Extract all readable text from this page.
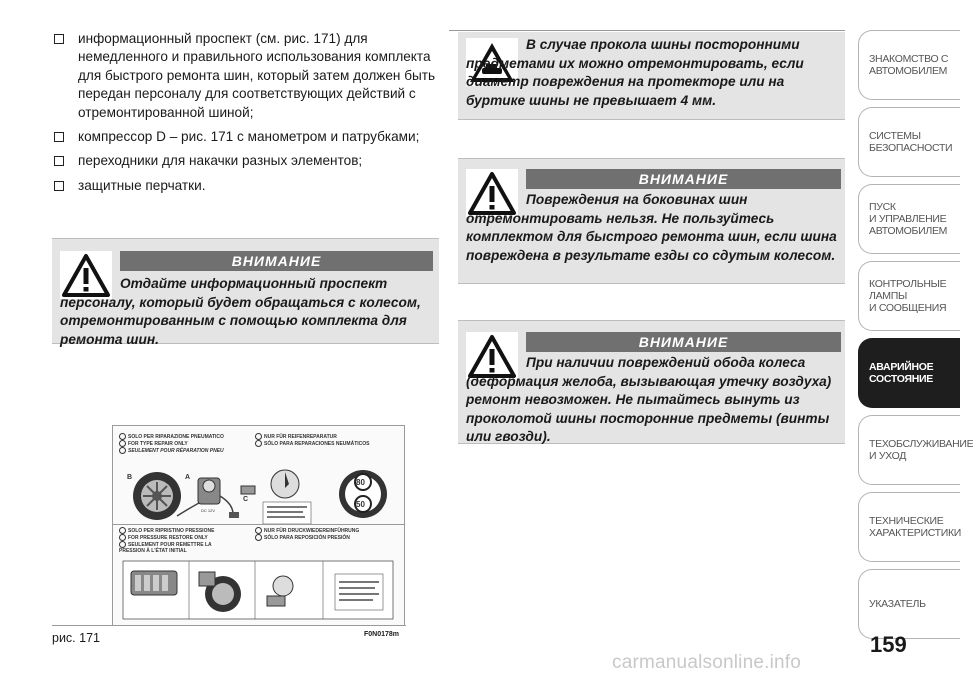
информационный проспект (см. рис. 171) для немедленного и правильного использования комплекта для быстрого ремонта шин, который затем должен быть передан персоналу для соответствующих действий с отремонтированной шиной;
компрессор D – рис. 171 с манометром и патрубками;
переходники для накачки разных элементов;
защитные перчатки.
ВНИМАНИЕ
Отдайте информационный проспект персоналу, который будет обращаться с колесом, отремонтированным с помощью комплекта для ремонта шин.
SOLO PER RIPARAZIONE PNEUMATICO
FOR TYPE REPAIR ONLY
SEULEMENT POUR RÉPARATION PNEU
NUR FÜR REIFENREPARATUR
SÓLO PARA REPARACIONES NEUMÁTICOS
SOLO PER RIPRISTINO PRESSIONE
FOR PRESSURE RESTORE ONLY
SEULEMENT POUR REMETTRE LA PRESSION À L'ÉTAT INITIAL
NUR FÜR DRUCKWIEDEREINFÜHRUNG
SÓLO PARA REPOSICIÓN PRESIÓN
A
B
C
DC 12V
80
50
рис. 171	F0N0178m
В случае прокола шины посторонними предметами их можно отремонтировать, если диаметр повреждения на протекторе или на буртике шины не превышает 4 мм.
ВНИМАНИЕ
Повреждения на боковинах шин отремонтировать нельзя. Не пользуйтесь комплектом для быстрого ремонта шин, если шина повреждена в результате езды со сдутым колесом.
ВНИМАНИЕ
При наличии повреждений обода колеса (деформация желоба, вызывающая утечку воздуха) ремонт невозможен. Не пытайтесь вынуть из проколотой шины посторонние предметы (винты или гвозди).
ЗНАКОМСТВО С
АВТОМОБИЛЕМ
СИСТЕМЫ
БЕЗОПАСНОСТИ
ПУСК
И УПРАВЛЕНИЕ
АВТОМОБИЛЕМ
КОНТРОЛЬНЫЕ
ЛАМПЫ
И СООБЩЕНИЯ
АВАРИЙНОЕ
СОСТОЯНИЕ
ТЕХОБСЛУЖИВАНИЕ
И УХОД
ТЕХНИЧЕСКИЕ
ХАРАКТЕРИСТИКИ
УКАЗАТЕЛЬ
159
carmanualsonline.info
